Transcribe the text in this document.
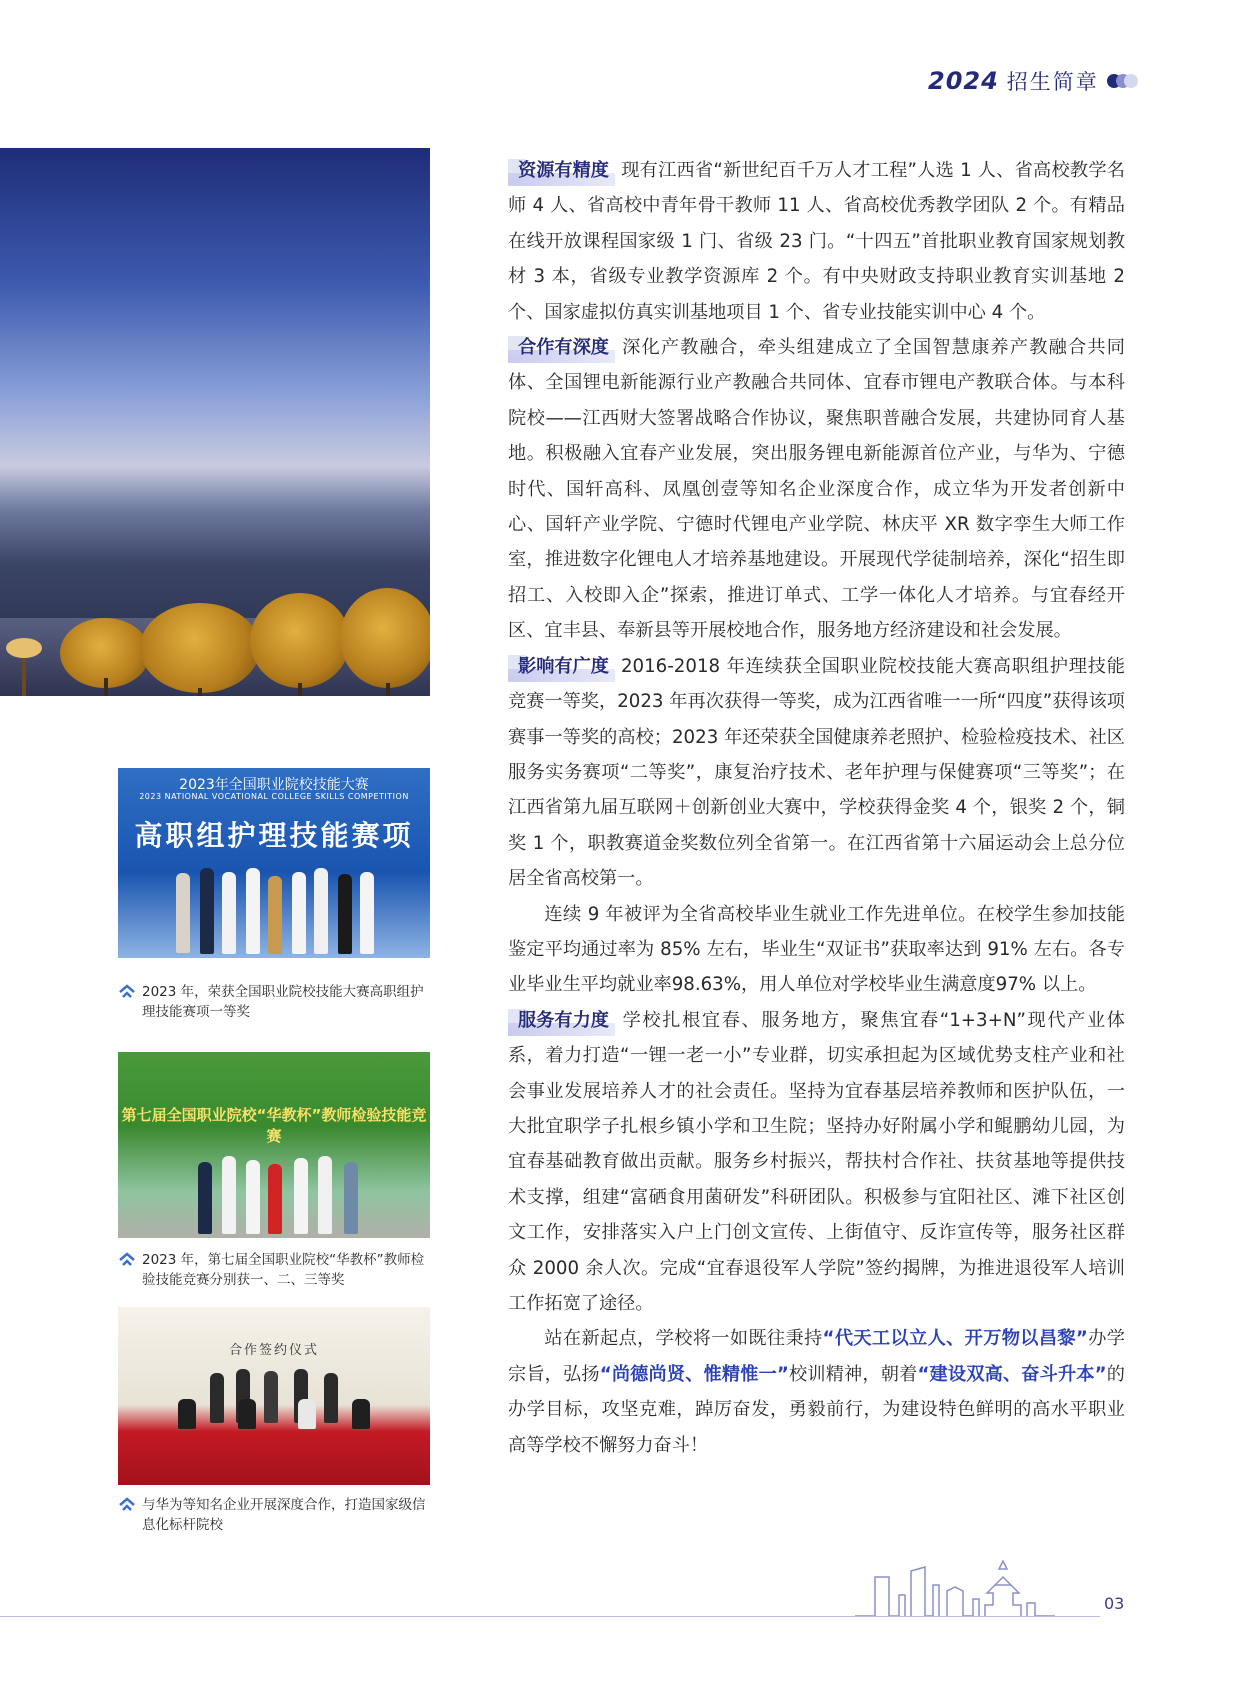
2024 招生简章
2023年全国职业院校技能大赛
2023 NATIONAL VOCATIONAL COLLEGE SKILLS COMPETITION
高职组护理技能赛项
2023 年，荣获全国职业院校技能大赛高职组护理技能赛项一等奖
第七届全国职业院校“华教杯”教师检验技能竞赛
2023 年，第七届全国职业院校“华教杯”教师检验技能竞赛分别获一、二、三等奖
合作签约仪式
与华为等知名企业开展深度合作，打造国家级信息化标杆院校

资源有精度 现有江西省“新世纪百千万人才工程”人选 1 人、省高校教学名师 4 人、省高校中青年骨干教师 11 人、省高校优秀教学团队 2 个。有精品在线开放课程国家级 1 门、省级 23 门。“十四五”首批职业教育国家规划教材 3 本，省级专业教学资源库 2 个。有中央财政支持职业教育实训基地 2 个、国家虚拟仿真实训基地项目 1 个、省专业技能实训中心 4 个。

合作有深度 深化产教融合，牵头组建成立了全国智慧康养产教融合共同体、全国锂电新能源行业产教融合共同体、宜春市锂电产教联合体。与本科院校——江西财大签署战略合作协议，聚焦职普融合发展，共建协同育人基地。积极融入宜春产业发展，突出服务锂电新能源首位产业，与华为、宁德时代、国轩高科、凤凰创壹等知名企业深度合作，成立华为开发者创新中心、国轩产业学院、宁德时代锂电产业学院、林庆平 XR 数字孪生大师工作室，推进数字化锂电人才培养基地建设。开展现代学徒制培养，深化“招生即招工、入校即入企”探索，推进订单式、工学一体化人才培养。与宜春经开区、宜丰县、奉新县等开展校地合作，服务地方经济建设和社会发展。

影响有广度 2016-2018 年连续获全国职业院校技能大赛高职组护理技能竞赛一等奖，2023 年再次获得一等奖，成为江西省唯一一所“四度”获得该项赛事一等奖的高校；2023 年还荣获全国健康养老照护、检验检疫技术、社区服务实务赛项“二等奖”，康复治疗技术、老年护理与保健赛项“三等奖”；在江西省第九届互联网＋创新创业大赛中，学校获得金奖 4 个，银奖 2 个，铜奖 1 个，职教赛道金奖数位列全省第一。在江西省第十六届运动会上总分位居全省高校第一。

连续 9 年被评为全省高校毕业生就业工作先进单位。在校学生参加技能鉴定平均通过率为 85% 左右，毕业生“双证书”获取率达到 91% 左右。各专业毕业生平均就业率98.63%，用人单位对学校毕业生满意度97% 以上。

服务有力度 学校扎根宜春、服务地方，聚焦宜春“1+3+N”现代产业体系，着力打造“一锂一老一小”专业群，切实承担起为区域优势支柱产业和社会事业发展培养人才的社会责任。坚持为宜春基层培养教师和医护队伍，一大批宜职学子扎根乡镇小学和卫生院；坚持办好附属小学和鲲鹏幼儿园，为宜春基础教育做出贡献。服务乡村振兴，帮扶村合作社、扶贫基地等提供技术支撑，组建“富硒食用菌研发”科研团队。积极参与宜阳社区、滩下社区创文工作，安排落实入户上门创文宣传、上街值守、反诈宣传等，服务社区群众 2000 余人次。完成“宜春退役军人学院”签约揭牌，为推进退役军人培训工作拓宽了途径。

站在新起点，学校将一如既往秉持“代天工以立人、开万物以昌黎”办学宗旨，弘扬“尚德尚贤、惟精惟一”校训精神，朝着“建设双高、奋斗升本”的办学目标，攻坚克难，踔厉奋发，勇毅前行，为建设特色鲜明的高水平职业高等学校不懈努力奋斗！

03
